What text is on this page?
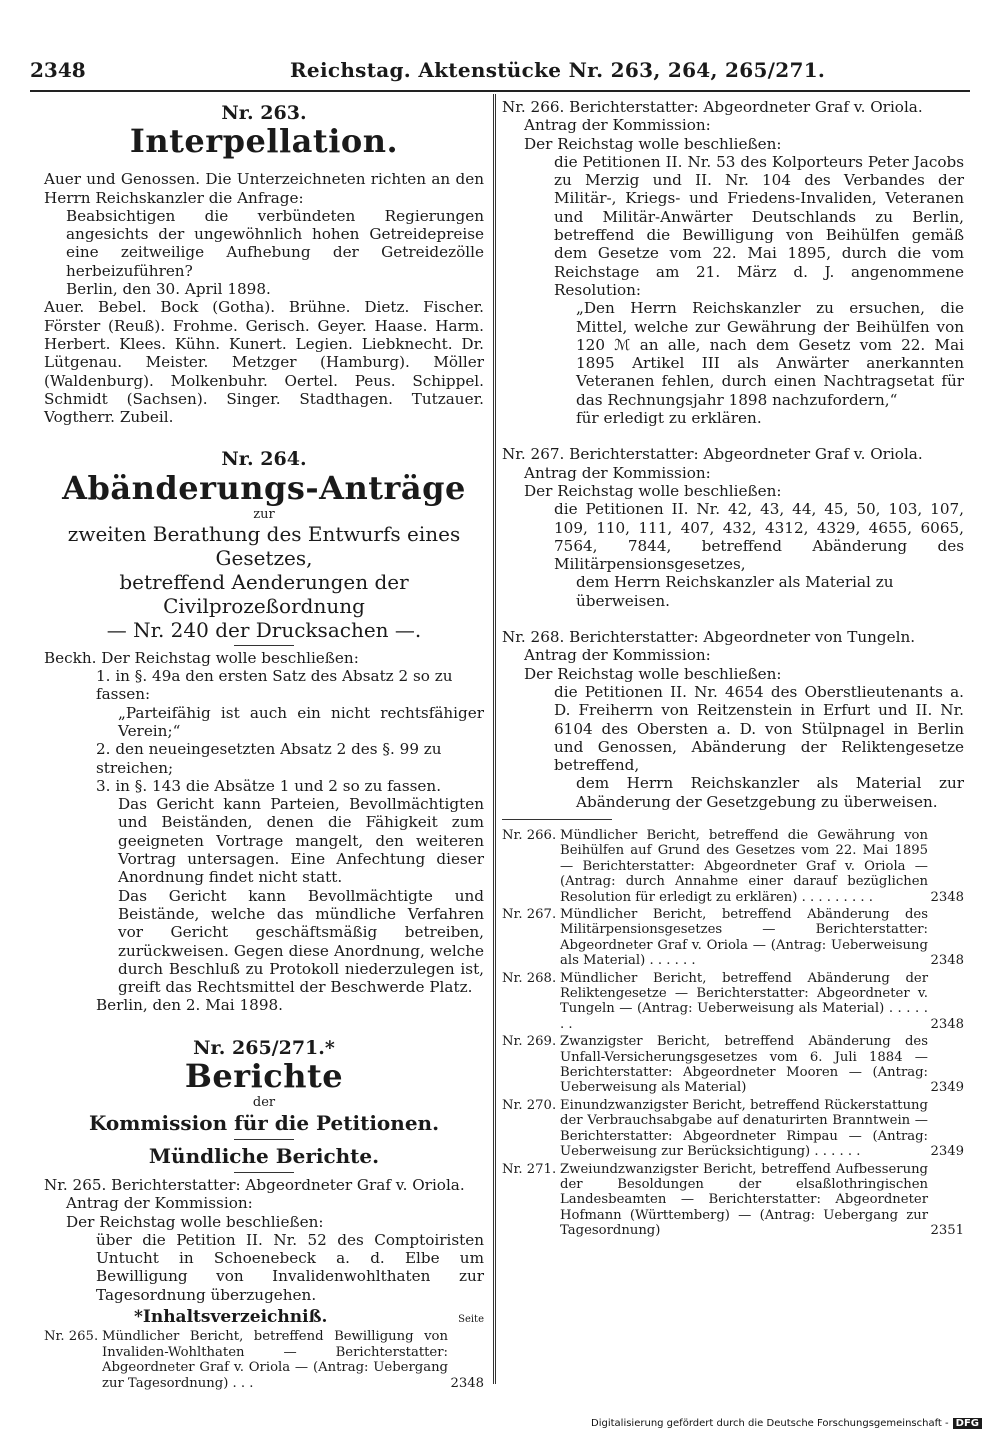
2348	Reichstag. Aktenstücke Nr. 263, 264, 265/271.
Nr. 263.
Interpellation.

Auer und Genossen. Die Unterzeichneten richten an den Herrn Reichskanzler die Anfrage:

Beabsichtigen die verbündeten Regierungen angesichts der ungewöhnlich hohen Getreidepreise eine zeitweilige Aufhebung der Getreidezölle herbeizuführen?

Berlin, den 30. April 1898.

Auer. Bebel. Bock (Gotha). Brühne. Dietz. Fischer. Förster (Reuß). Frohme. Gerisch. Geyer. Haase. Harm. Herbert. Klees. Kühn. Kunert. Legien. Liebknecht. Dr. Lütgenau. Meister. Metzger (Hamburg). Möller (Waldenburg). Molkenbuhr. Oertel. Peus. Schippel. Schmidt (Sachsen). Singer. Stadthagen. Tutzauer. Vogtherr. Zubeil.

Nr. 264.
Abänderungs-Anträge
zur
zweiten Berathung des Entwurfs eines Gesetzes,
betreffend Aenderungen der Civilprozeßordnung
— Nr. 240 der Drucksachen —.

Beckh. Der Reichstag wolle beschließen:

1. in §. 49a den ersten Satz des Absatz 2 so zu fassen:

„Parteifähig ist auch ein nicht rechtsfähiger Verein;“

2. den neueingesetzten Absatz 2 des §. 99 zu streichen;

3. in §. 143 die Absätze 1 und 2 so zu fassen.

Das Gericht kann Parteien, Bevollmächtigten und Beiständen, denen die Fähigkeit zum geeigneten Vortrage mangelt, den weiteren Vortrag untersagen. Eine Anfechtung dieser Anordnung findet nicht statt.

Das Gericht kann Bevollmächtigte und Beistände, welche das mündliche Verfahren vor Gericht geschäftsmäßig betreiben, zurückweisen. Gegen diese Anordnung, welche durch Beschluß zu Protokoll niederzulegen ist, greift das Rechtsmittel der Beschwerde Platz.

Berlin, den 2. Mai 1898.

Nr. 265/271.*
Berichte
der
Kommission für die Petitionen.
Mündliche Berichte.

Nr. 265. Berichterstatter: Abgeordneter Graf v. Oriola.

Antrag der Kommission:

Der Reichstag wolle beschließen:

über die Petition II. Nr. 52 des Comptoiristen Untucht in Schoenebeck a. d. Elbe um Bewilligung von Invalidenwohlthaten zur Tagesordnung überzugehen.

*Inhaltsverzeichniß.	Seite
Nr. 265. Mündlicher Bericht, betreffend Bewilligung von Invaliden-Wohlthaten — Berichterstatter: Abgeordneter Graf v. Oriola — (Antrag: Uebergang zur Tagesordnung) . . .	2348

Nr. 266. Berichterstatter: Abgeordneter Graf v. Oriola.

Antrag der Kommission:

Der Reichstag wolle beschließen:

die Petitionen II. Nr. 53 des Kolporteurs Peter Jacobs zu Merzig und II. Nr. 104 des Verbandes der Militär-, Kriegs- und Friedens-Invaliden, Veteranen und Militär-Anwärter Deutschlands zu Berlin, betreffend die Bewilligung von Beihülfen gemäß dem Gesetze vom 22. Mai 1895, durch die vom Reichstage am 21. März d. J. angenommene Resolution:

„Den Herrn Reichskanzler zu ersuchen, die Mittel, welche zur Gewährung der Beihülfen von 120 ℳ an alle, nach dem Gesetz vom 22. Mai 1895 Artikel III als Anwärter anerkannten Veteranen fehlen, durch einen Nachtragsetat für das Rechnungsjahr 1898 nachzufordern,“

für erledigt zu erklären.

Nr. 267. Berichterstatter: Abgeordneter Graf v. Oriola.

Antrag der Kommission:

Der Reichstag wolle beschließen:

die Petitionen II. Nr. 42, 43, 44, 45, 50, 103, 107, 109, 110, 111, 407, 432, 4312, 4329, 4655, 6065, 7564, 7844, betreffend Abänderung des Militärpensionsgesetzes,

dem Herrn Reichskanzler als Material zu überweisen.

Nr. 268. Berichterstatter: Abgeordneter von Tungeln.

Antrag der Kommission:

Der Reichstag wolle beschließen:

die Petitionen II. Nr. 4654 des Oberstlieutenants a. D. Freiherrn von Reitzenstein in Erfurt und II. Nr. 6104 des Obersten a. D. von Stülpnagel in Berlin und Genossen, Abänderung der Reliktengesetze betreffend,

dem Herrn Reichskanzler als Material zur Abänderung der Gesetzgebung zu überweisen.

Nr. 266. Mündlicher Bericht, betreffend die Gewährung von Beihülfen auf Grund des Gesetzes vom 22. Mai 1895 — Berichterstatter: Abgeordneter Graf v. Oriola — (Antrag: durch Annahme einer darauf bezüglichen Resolution für erledigt zu erklären) . . . . . . . . .	2348
Nr. 267. Mündlicher Bericht, betreffend Abänderung des Militärpensionsgesetzes — Berichterstatter: Abgeordneter Graf v. Oriola — (Antrag: Ueberweisung als Material) . . . . . .	2348
Nr. 268. Mündlicher Bericht, betreffend Abänderung der Reliktengesetze — Berichterstatter: Abgeordneter v. Tungeln — (Antrag: Ueberweisung als Material) . . . . . . .	2348
Nr. 269. Zwanzigster Bericht, betreffend Abänderung des Unfall-Versicherungsgesetzes vom 6. Juli 1884 — Berichterstatter: Abgeordneter Mooren — (Antrag: Ueberweisung als Material)	2349
Nr. 270. Einundzwanzigster Bericht, betreffend Rückerstattung der Verbrauchsabgabe auf denaturirten Branntwein — Berichterstatter: Abgeordneter Rimpau — (Antrag: Ueberweisung zur Berücksichtigung) . . . . . .	2349
Nr. 271. Zweiundzwanzigster Bericht, betreffend Aufbesserung der Besoldungen der elsaßlothringischen Landesbeamten — Berichterstatter: Abgeordneter Hofmann (Württemberg) — (Antrag: Uebergang zur Tagesordnung)	2351
Digitalisierung gefördert durch die Deutsche Forschungsgemeinschaft - DFG
